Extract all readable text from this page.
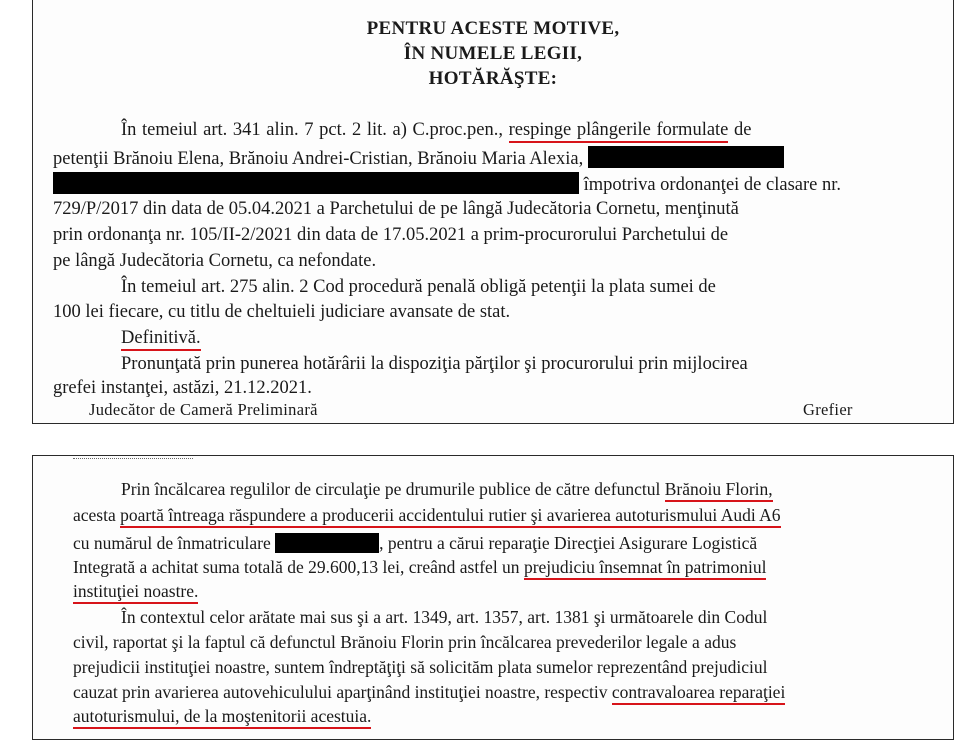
PENTRU ACESTE MOTIVE,
ÎN NUMELE LEGII,
HOTĂRĂŞTE:
În temeiul art. 341 alin. 7 pct. 2 lit. a) C.proc.pen., respinge plângerile formulate de
petenţii Brănoiu Elena, Brănoiu Andrei-Cristian, Brănoiu Maria Alexia,
împotriva ordonanţei de clasare nr.
729/P/2017 din data de 05.04.2021 a Parchetului de pe lângă Judecătoria Cornetu, menţinută
prin ordonanţa nr. 105/II-2/2021 din data de 17.05.2021 a prim-procurorului Parchetului de
pe lângă Judecătoria Cornetu, ca nefondate.
În temeiul art. 275 alin. 2 Cod procedură penală obligă petenţii la plata sumei de
100 lei fiecare, cu titlu de cheltuieli judiciare avansate de stat.
Definitivă.
Pronunţată prin punerea hotărârii la dispoziţia părţilor şi procurorului prin mijlocirea
grefei instanţei, astăzi, 21.12.2021.
Judecător de Cameră Preliminară	Grefier
Prin încălcarea regulilor de circulaţie pe drumurile publice de către defunctul Brănoiu Florin,
acesta poartă întreaga răspundere a producerii accidentului rutier şi avarierea autoturismului Audi A6
cu numărul de înmatriculare	, pentru a cărui reparaţie Direcţiei Asigurare Logistică
Integrată a achitat suma totală de 29.600,13 lei, creând astfel un prejudiciu însemnat în patrimoniul
instituţiei noastre.
În contextul celor arătate mai sus şi a art. 1349, art. 1357, art. 1381 şi următoarele din Codul
civil, raportat şi la faptul că defunctul Brănoiu Florin prin încălcarea prevederilor legale a adus
prejudicii instituţiei noastre, suntem îndreptăţiţi să solicităm plata sumelor reprezentând prejudiciul
cauzat prin avarierea autovehiculului aparţinând instituţiei noastre, respectiv contravaloarea reparaţiei
autoturismului, de la moştenitorii acestuia.
